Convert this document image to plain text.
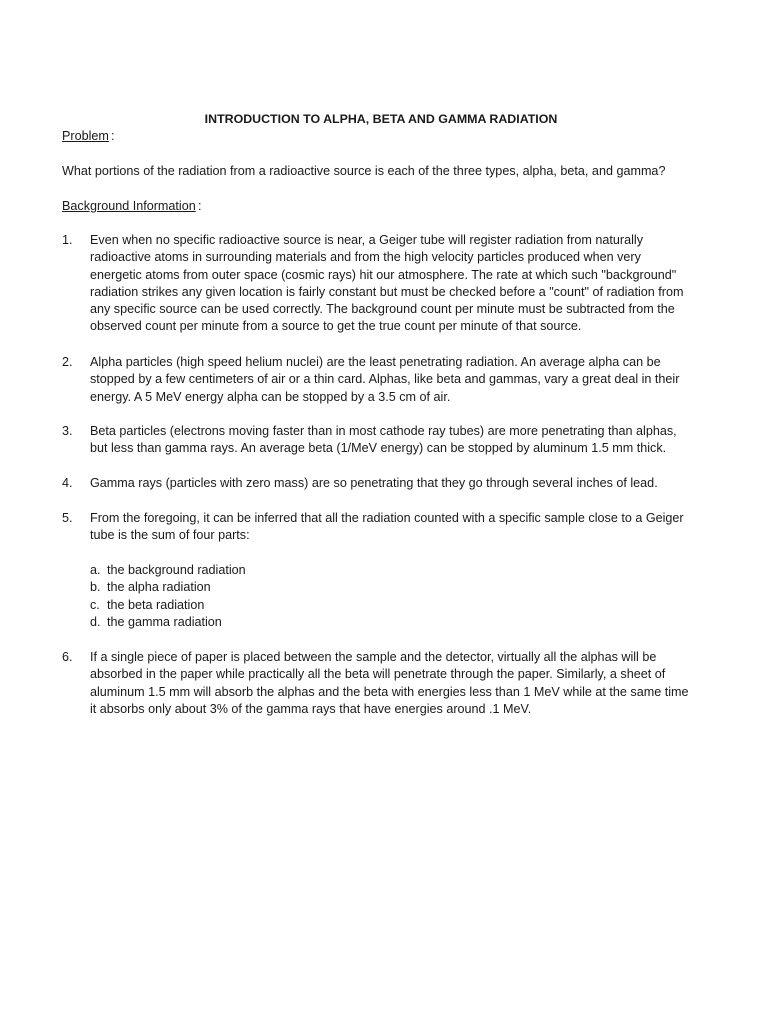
INTRODUCTION TO ALPHA, BETA AND GAMMA RADIATION
Problem :
What portions of the radiation from a radioactive source is each of the three types, alpha, beta, and gamma?
Background Information :
1.	Even when no specific radioactive source is near, a Geiger tube will register radiation from naturally
radioactive atoms in surrounding materials and from the high velocity particles produced when very
energetic atoms from outer space (cosmic rays) hit our atmosphere. The rate at which such "background"
radiation strikes any given location is fairly constant but must be checked before a "count" of radiation from
any specific source can be used correctly. The background count per minute must be subtracted from the
observed count per minute from a source to get the true count per minute of that source.
2.	Alpha particles (high speed helium nuclei) are the least penetrating radiation. An average alpha can be
stopped by a few centimeters of air or a thin card. Alphas, like beta and gammas, vary a great deal in their
energy. A 5 MeV energy alpha can be stopped by a 3.5 cm of air.
3.	Beta particles (electrons moving faster than in most cathode ray tubes) are more penetrating than alphas,
but less than gamma rays. An average beta (1/MeV energy) can be stopped by aluminum 1.5 mm thick.
4.	Gamma rays (particles with zero mass) are so penetrating that they go through several inches of lead.
5.	From the foregoing, it can be inferred that all the radiation counted with a specific sample close to a Geiger
tube is the sum of four parts:
a. the background radiation
b. the alpha radiation
c. the beta radiation
d. the gamma radiation
6.	If a single piece of paper is placed between the sample and the detector, virtually all the alphas will be
absorbed in the paper while practically all the beta will penetrate through the paper. Similarly, a sheet of
aluminum 1.5 mm will absorb the alphas and the beta with energies less than 1 MeV while at the same time
it absorbs only about 3% of the gamma rays that have energies around .1 MeV.
